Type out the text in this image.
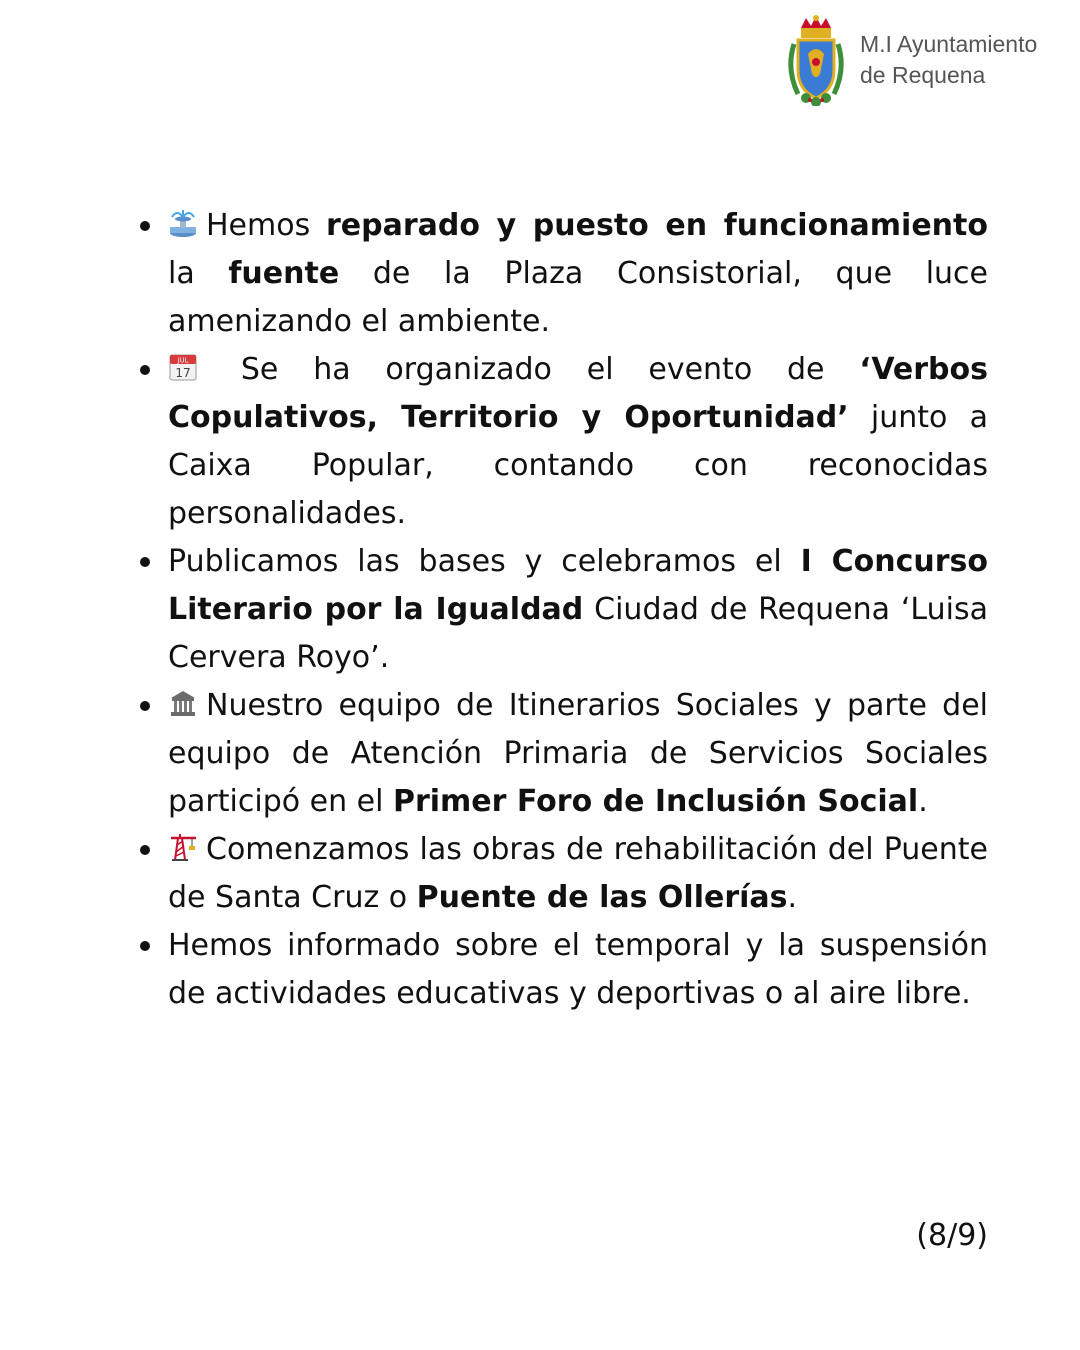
M.I Ayuntamiento
de Requena
Hemos reparado y puesto en funcionamiento la fuente de la Plaza Consistorial, que luce amenizando el ambiente.
JUL
17 Se ha organizado el evento de ‘Verbos Copulativos, Territorio y Oportunidad’ junto a Caixa Popular, contando con reconocidas personalidades.
Publicamos las bases y celebramos el I Concurso Literario por la Igualdad Ciudad de Requena ‘Luisa Cervera Royo’.
Nuestro equipo de Itinerarios Sociales y parte del equipo de Atención Primaria de Servicios Sociales participó en el Primer Foro de Inclusión Social.
Comenzamos las obras de rehabilitación del Puente de Santa Cruz o Puente de las Ollerías.
Hemos informado sobre el temporal y la suspensión de actividades educativas y deportivas o al aire libre.
(8/9)
